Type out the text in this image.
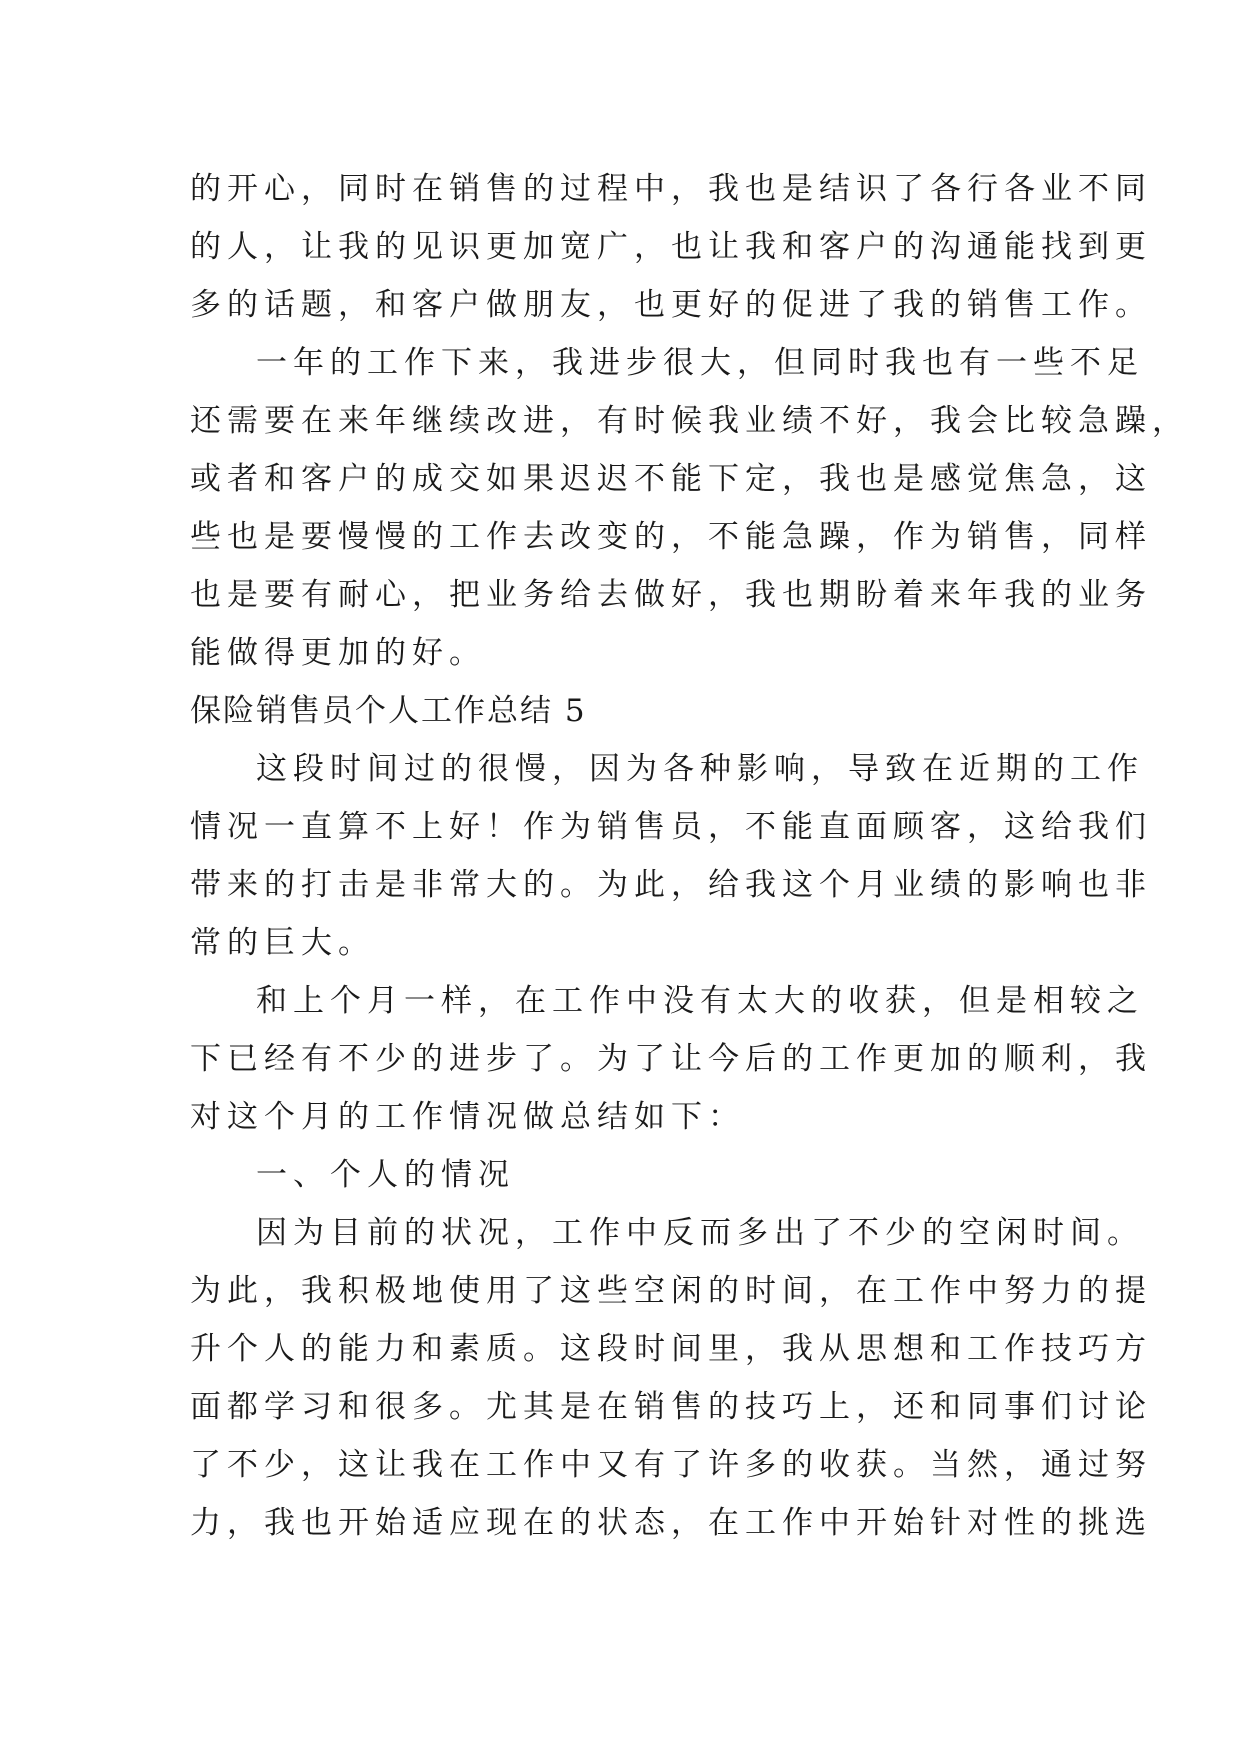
的开心，同时在销售的过程中，我也是结识了各行各业不同
的人，让我的见识更加宽广，也让我和客户的沟通能找到更
多的话题，和客户做朋友，也更好的促进了我的销售工作。
一年的工作下来，我进步很大，但同时我也有一些不足
还需要在来年继续改进，有时候我业绩不好，我会比较急躁，
或者和客户的成交如果迟迟不能下定，我也是感觉焦急，这
些也是要慢慢的工作去改变的，不能急躁，作为销售，同样
也是要有耐心，把业务给去做好，我也期盼着来年我的业务
能做得更加的好。
保险销售员个人工作总结 5
这段时间过的很慢，因为各种影响，导致在近期的工作
情况一直算不上好！作为销售员，不能直面顾客，这给我们
带来的打击是非常大的。为此，给我这个月业绩的影响也非
常的巨大。
和上个月一样，在工作中没有太大的收获，但是相较之
下已经有不少的进步了。为了让今后的工作更加的顺利，我
对这个月的工作情况做总结如下：
一、个人的情况
因为目前的状况，工作中反而多出了不少的空闲时间。
为此，我积极地使用了这些空闲的时间，在工作中努力的提
升个人的能力和素质。这段时间里，我从思想和工作技巧方
面都学习和很多。尤其是在销售的技巧上，还和同事们讨论
了不少，这让我在工作中又有了许多的收获。当然，通过努
力，我也开始适应现在的状态，在工作中开始针对性的挑选
